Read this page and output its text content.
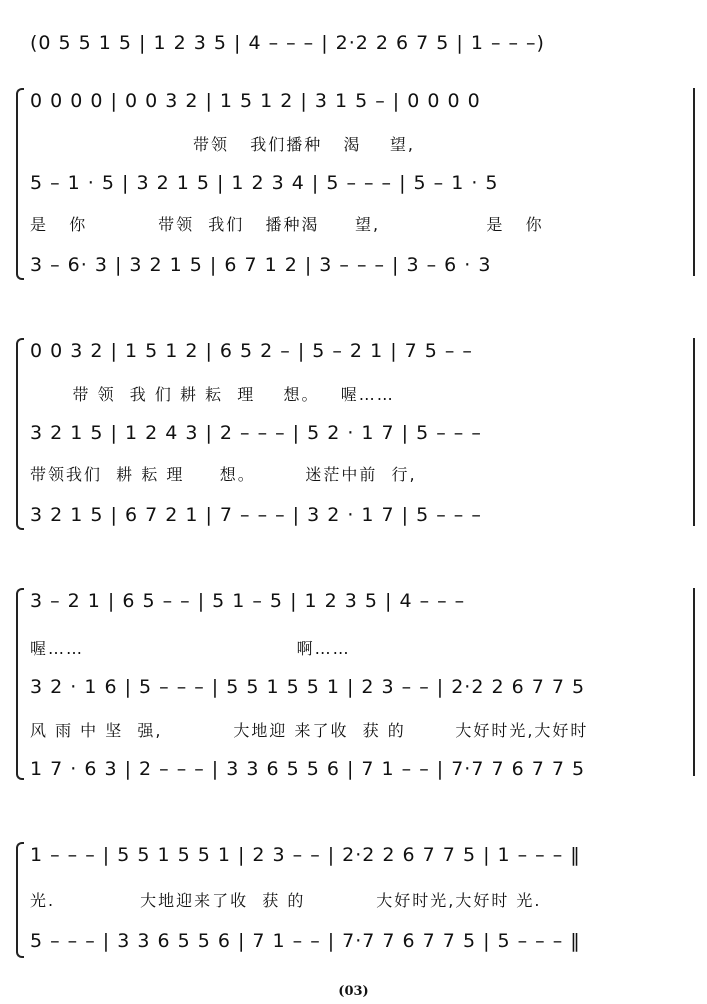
(0 5 5 1 5 | 1 2 3 5 | 4 – – – | 2·2 2 6 7 5 | 1 – – –)
0 0 0 0 | 0 0 3 2 | 1 5 1 2 | 3 1 5 – | 0 0 0 0
带领   我们播种   渴    望,
5 – 1 · 5 | 3 2 1 5 | 1 2 3 4 | 5 – – – | 5 – 1 · 5
是   你          带领  我们   播种渴     望,               是   你
3 – 6· 3 | 3 2 1 5 | 6 7 1 2 | 3 – – – | 3 – 6 · 3
0 0 3 2 | 1 5 1 2 | 6 5 2 – | 5 – 2 1 | 7 5 – –
带 领  我 们 耕 耘  理    想。   喔……
3 2 1 5 | 1 2 4 3 | 2 – – – | 5 2 · 1 7 | 5 – – –
带领我们  耕 耘 理     想。       迷茫中前  行,
3 2 1 5 | 6 7 2 1 | 7 – – – | 3 2 · 1 7 | 5 – – –
3 – 2 1 | 6 5 – – | 5 1 – 5 | 1 2 3 5 | 4 – – –
喔……                              啊……
3 2 · 1 6 | 5 – – – | 5 5 1 5 5 1 | 2 3 – – | 2·2 2 6 7 7 5
风 雨 中 坚  强,          大地迎 来了收  获 的       大好时光,大好时
1 7 · 6 3 | 2 – – – | 3 3 6 5 5 6 | 7 1 – – | 7·7 7 6 7 7 5
1 – – – | 5 5 1 5 5 1 | 2 3 – – | 2·2 2 6 7 7 5 | 1 – – – ‖
光.            大地迎来了收  获 的          大好时光,大好时 光.
5 – – – | 3 3 6 5 5 6 | 7 1 – – | 7·7 7 6 7 7 5 | 5 – – – ‖
(03)
